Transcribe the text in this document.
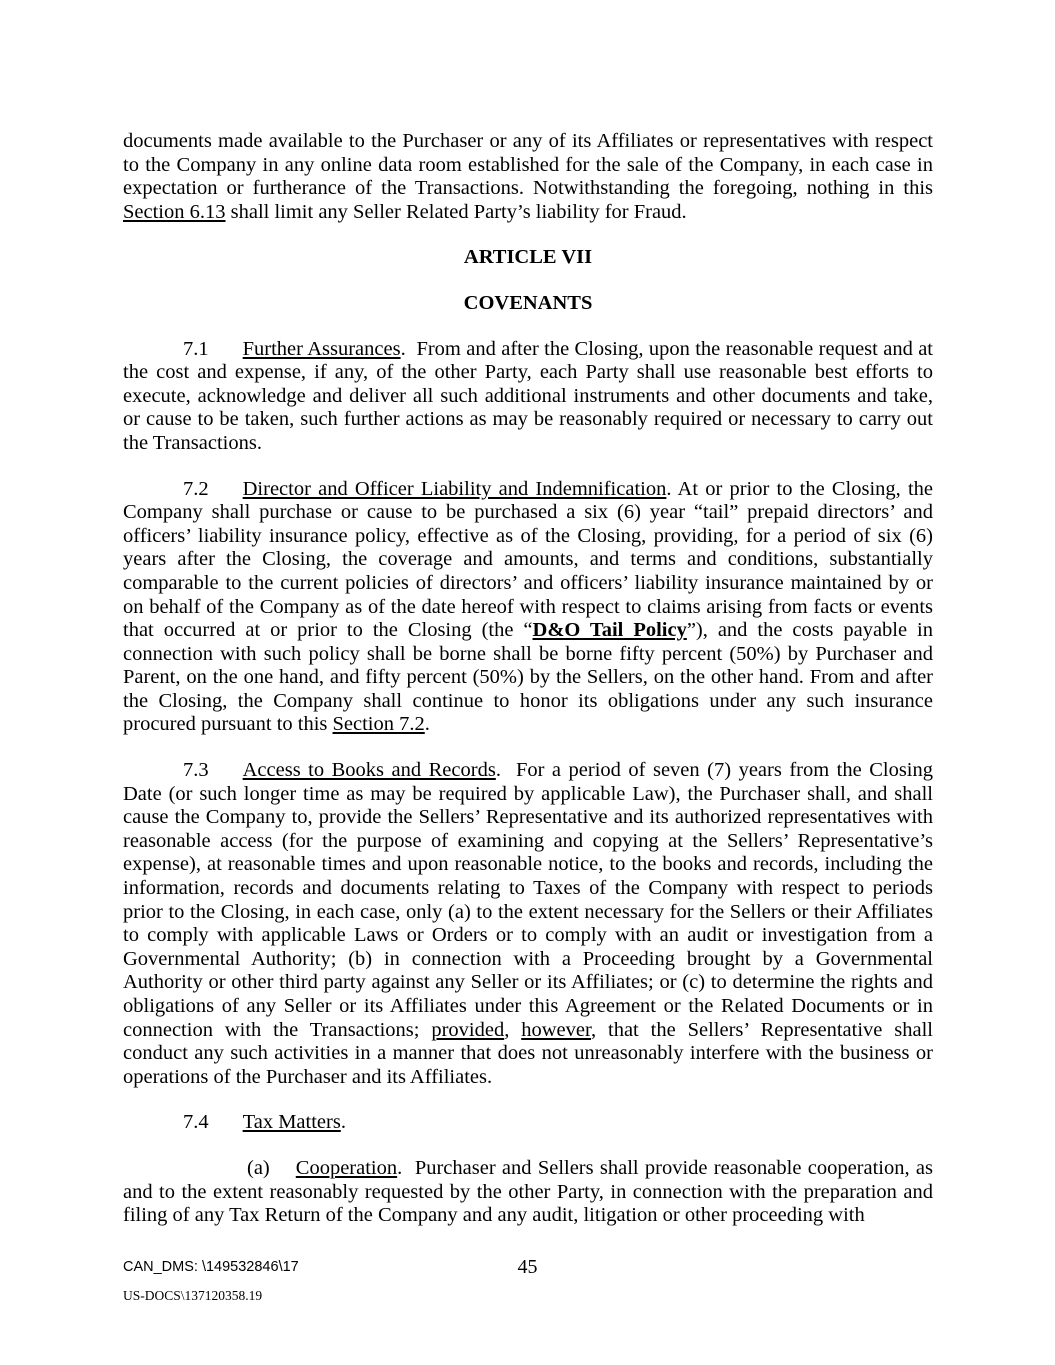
documents made available to the Purchaser or any of its Affiliates or representatives with respect to the Company in any online data room established for the sale of the Company, in each case in expectation or furtherance of the Transactions. Notwithstanding the foregoing, nothing in this Section 6.13 shall limit any Seller Related Party’s liability for Fraud.

ARTICLE VII

COVENANTS

7.1 Further Assurances.  From and after the Closing, upon the reasonable request and at the cost and expense, if any, of the other Party, each Party shall use reasonable best efforts to execute, acknowledge and deliver all such additional instruments and other documents and take, or cause to be taken, such further actions as may be reasonably required or necessary to carry out the Transactions.

7.2 Director and Officer Liability and Indemnification. At or prior to the Closing, the Company shall purchase or cause to be purchased a six (6) year “tail” prepaid directors’ and officers’ liability insurance policy, effective as of the Closing, providing, for a period of six (6) years after the Closing, the coverage and amounts, and terms and conditions, substantially comparable to the current policies of directors’ and officers’ liability insurance maintained by or on behalf of the Company as of the date hereof with respect to claims arising from facts or events that occurred at or prior to the Closing (the “D&O Tail Policy”), and the costs payable in connection with such policy shall be borne shall be borne fifty percent (50%) by Purchaser and Parent, on the one hand, and fifty percent (50%) by the Sellers, on the other hand. From and after the Closing, the Company shall continue to honor its obligations under any such insurance procured pursuant to this Section 7.2.

7.3 Access to Books and Records.  For a period of seven (7) years from the Closing Date (or such longer time as may be required by applicable Law), the Purchaser shall, and shall cause the Company to, provide the Sellers’ Representative and its authorized representatives with reasonable access (for the purpose of examining and copying at the Sellers’ Representative’s expense), at reasonable times and upon reasonable notice, to the books and records, including the information, records and documents relating to Taxes of the Company with respect to periods prior to the Closing, in each case, only (a) to the extent necessary for the Sellers or their Affiliates to comply with applicable Laws or Orders or to comply with an audit or investigation from a Governmental Authority; (b) in connection with a Proceeding brought by a Governmental Authority or other third party against any Seller or its Affiliates; or (c) to determine the rights and obligations of any Seller or its Affiliates under this Agreement or the Related Documents or in connection with the Transactions; provided, however, that the Sellers’ Representative shall conduct any such activities in a manner that does not unreasonably interfere with the business or operations of the Purchaser and its Affiliates.

7.4 Tax Matters.

(a) Cooperation.  Purchaser and Sellers shall provide reasonable cooperation, as and to the extent reasonably requested by the other Party, in connection with the preparation and filing of any Tax Return of the Company and any audit, litigation or other proceeding with

CAN_DMS: \149532846\17
US-DOCS\137120358.19
45
